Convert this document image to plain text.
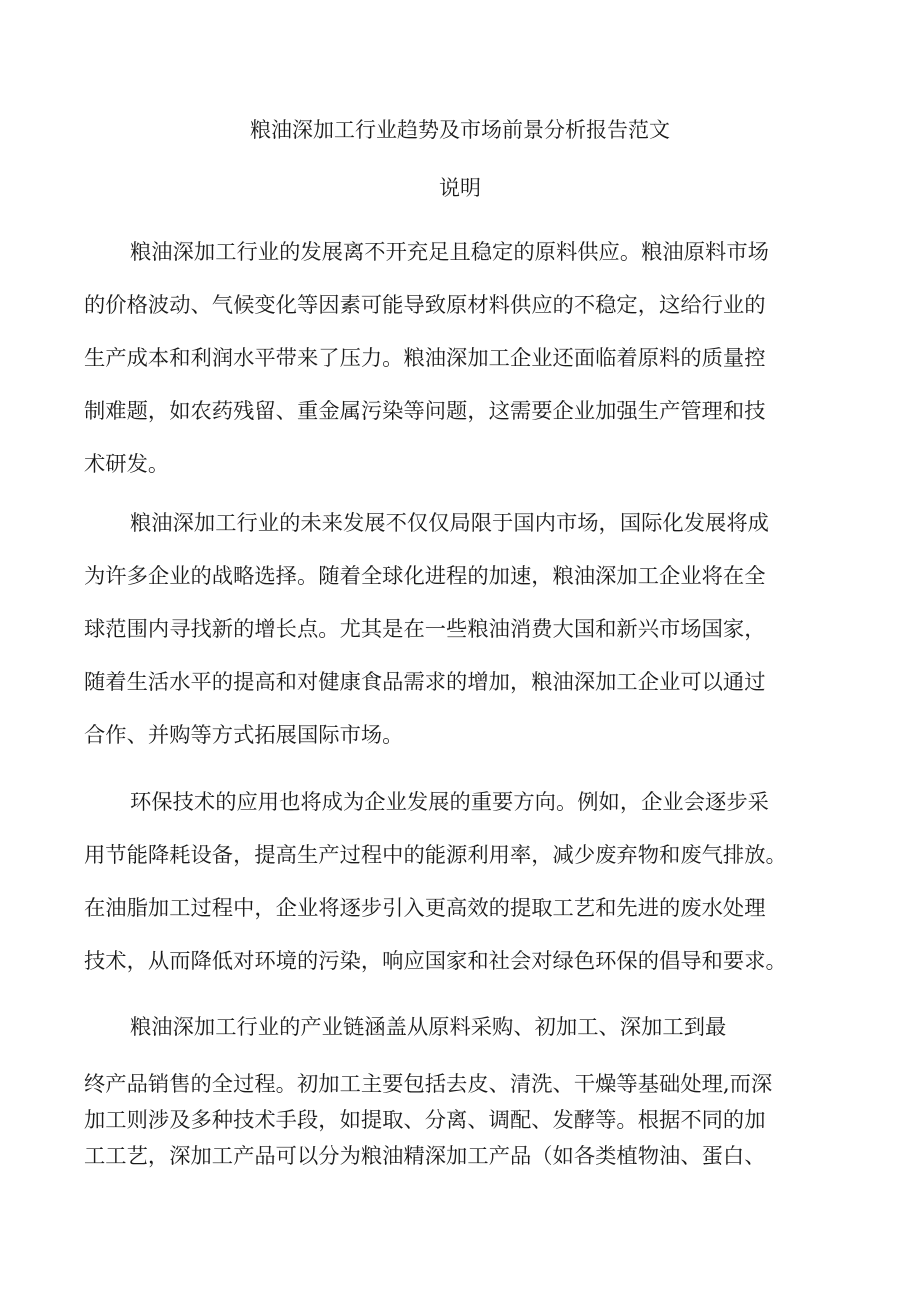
粮油深加工行业趋势及市场前景分析报告范文
说明
粮油深加工行业的发展离不开充足且稳定的原料供应。粮油原料市场
的价格波动、气候变化等因素可能导致原材料供应的不稳定，这给行业的
生产成本和利润水平带来了压力。粮油深加工企业还面临着原料的质量控
制难题，如农药残留、重金属污染等问题，这需要企业加强生产管理和技
术研发。
粮油深加工行业的未来发展不仅仅局限于国内市场，国际化发展将成
为许多企业的战略选择。随着全球化进程的加速，粮油深加工企业将在全
球范围内寻找新的增长点。尤其是在一些粮油消费大国和新兴市场国家，
随着生活水平的提高和对健康食品需求的增加，粮油深加工企业可以通过
合作、并购等方式拓展国际市场。
环保技术的应用也将成为企业发展的重要方向。例如，企业会逐步采
用节能降耗设备，提高生产过程中的能源利用率，减少废弃物和废气排放。
在油脂加工过程中，企业将逐步引入更高效的提取工艺和先进的废水处理
技术，从而降低对环境的污染，响应国家和社会对绿色环保的倡导和要求。
粮油深加工行业的产业链涵盖从原料采购、初加工、深加工到最
终产品销售的全过程。初加工主要包括去皮、清洗、干燥等基础处理,而深
加工则涉及多种技术手段，如提取、分离、调配、发酵等。根据不同的加
工工艺，深加工产品可以分为粮油精深加工产品（如各类植物油、蛋白、
